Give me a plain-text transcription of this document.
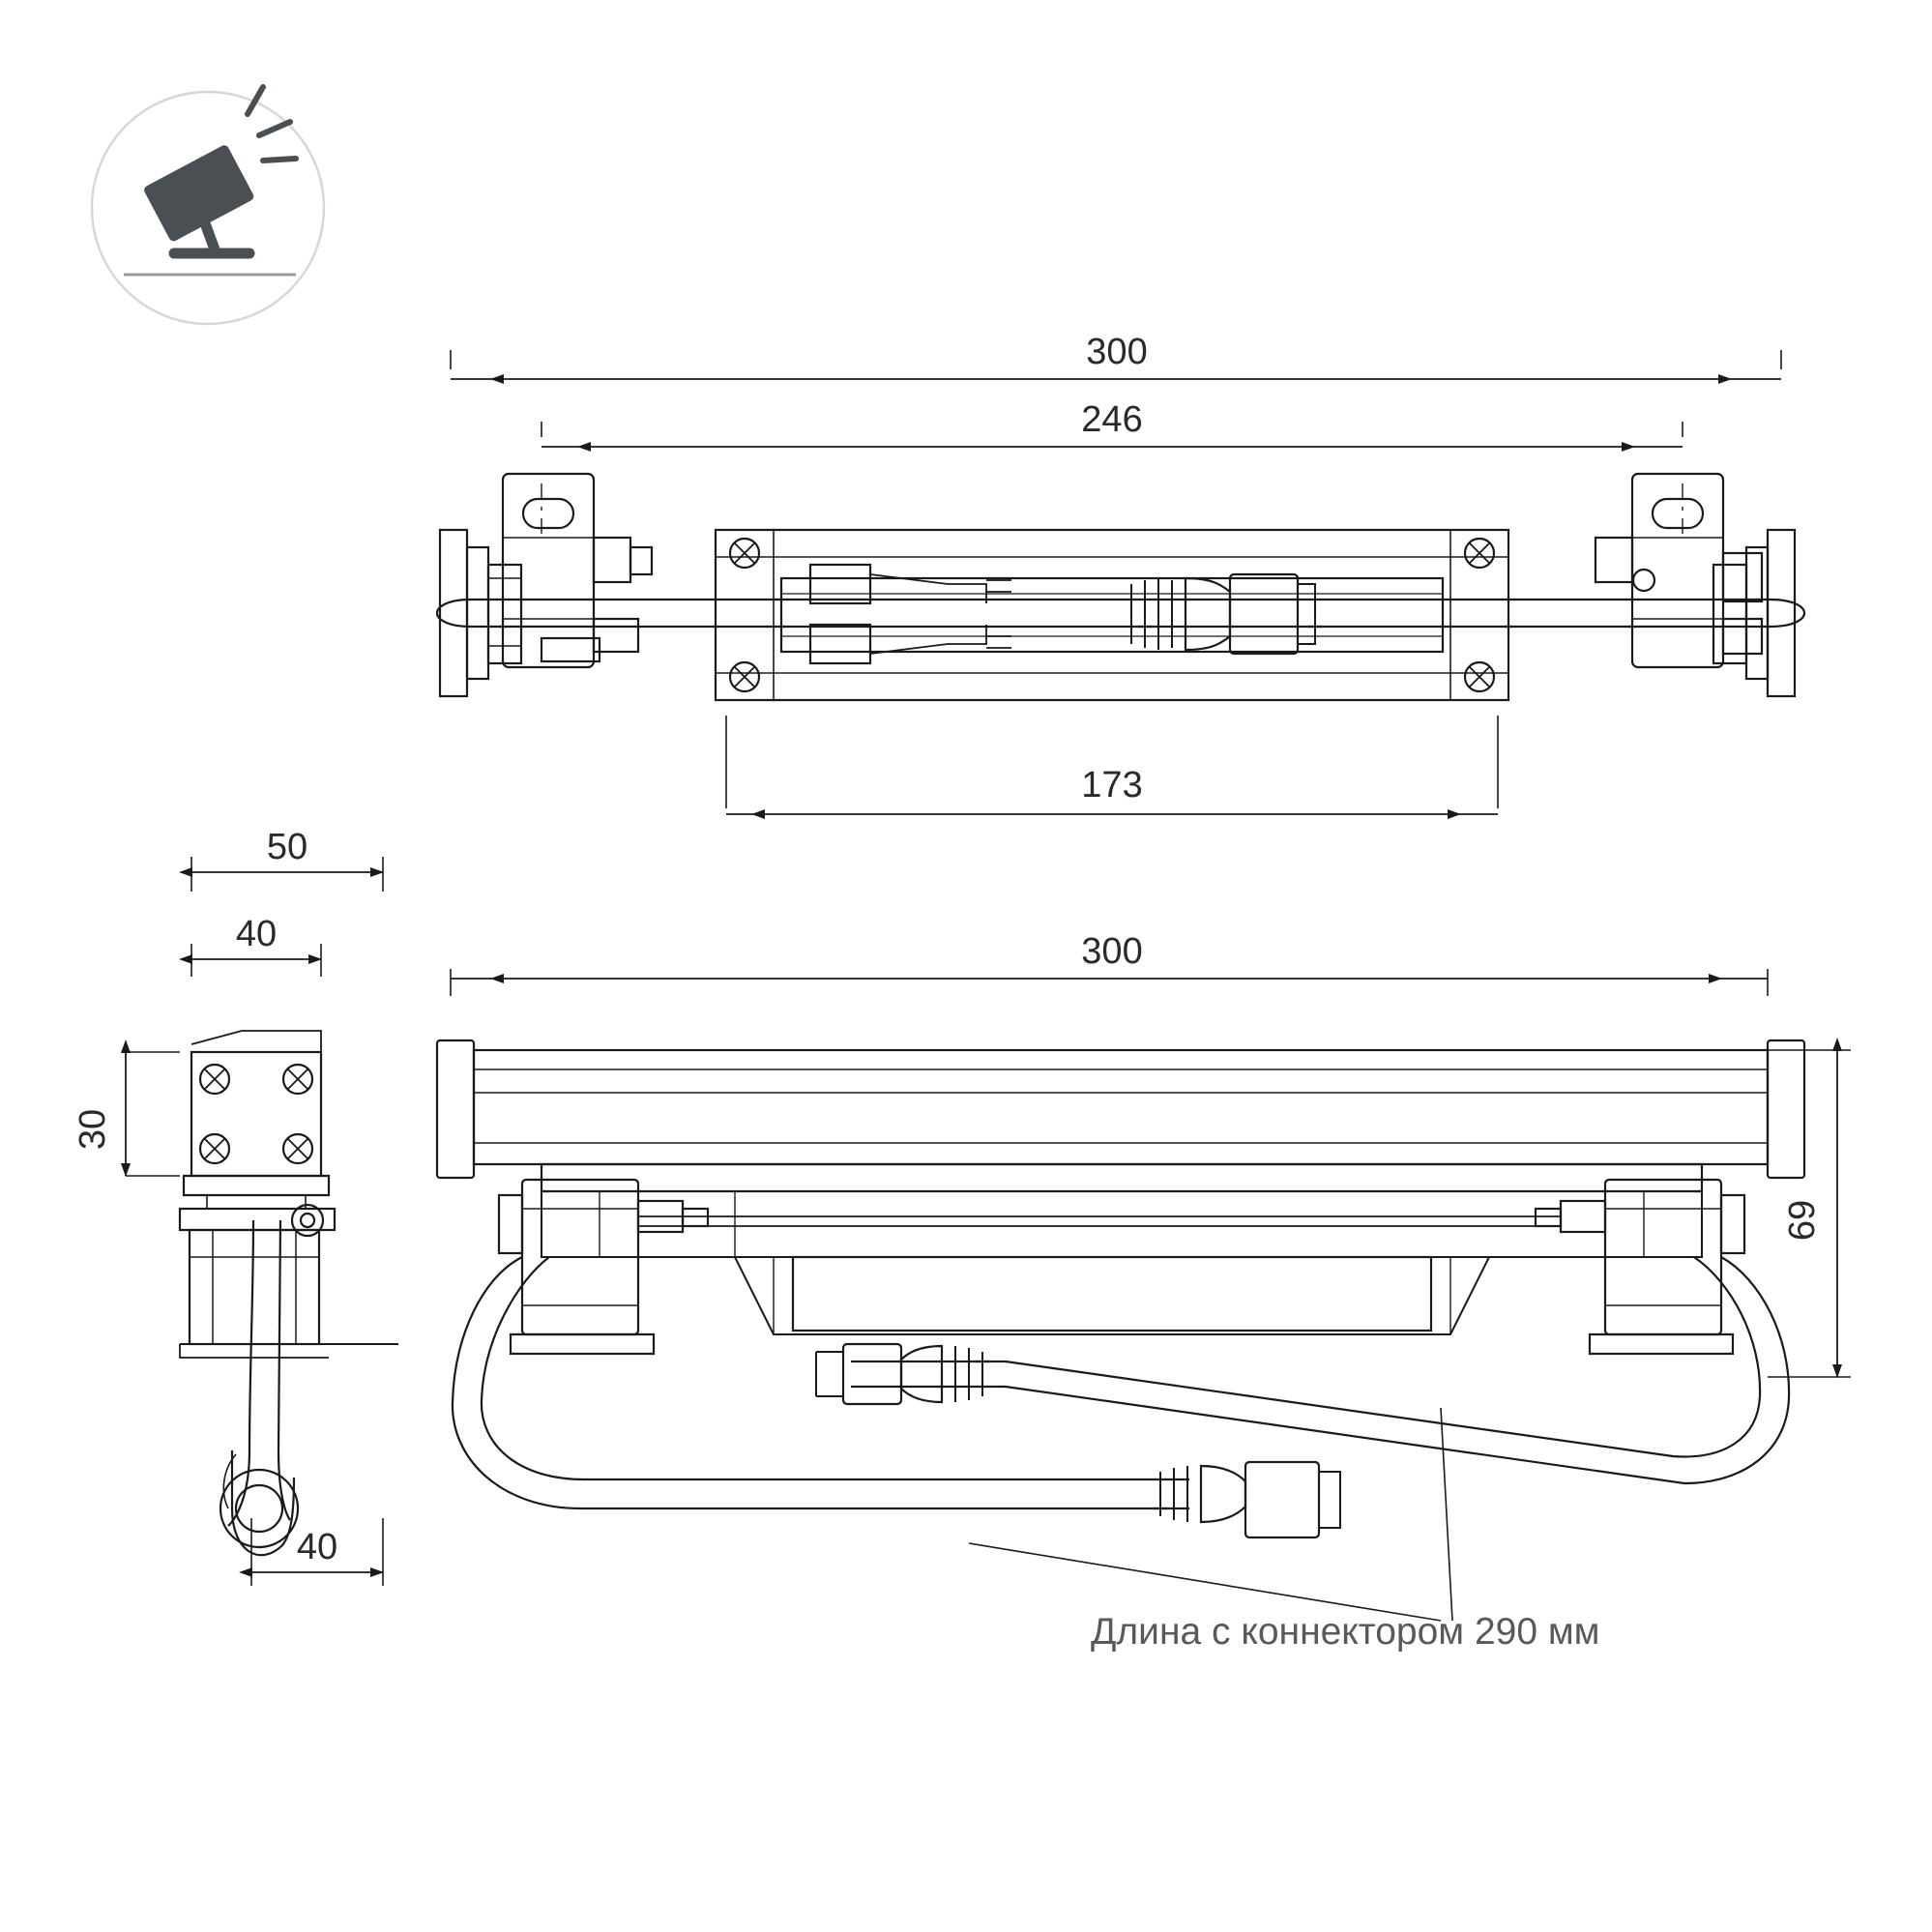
300
246
173
50
40
30
40
300
69
Длина с коннектором 290 мм
